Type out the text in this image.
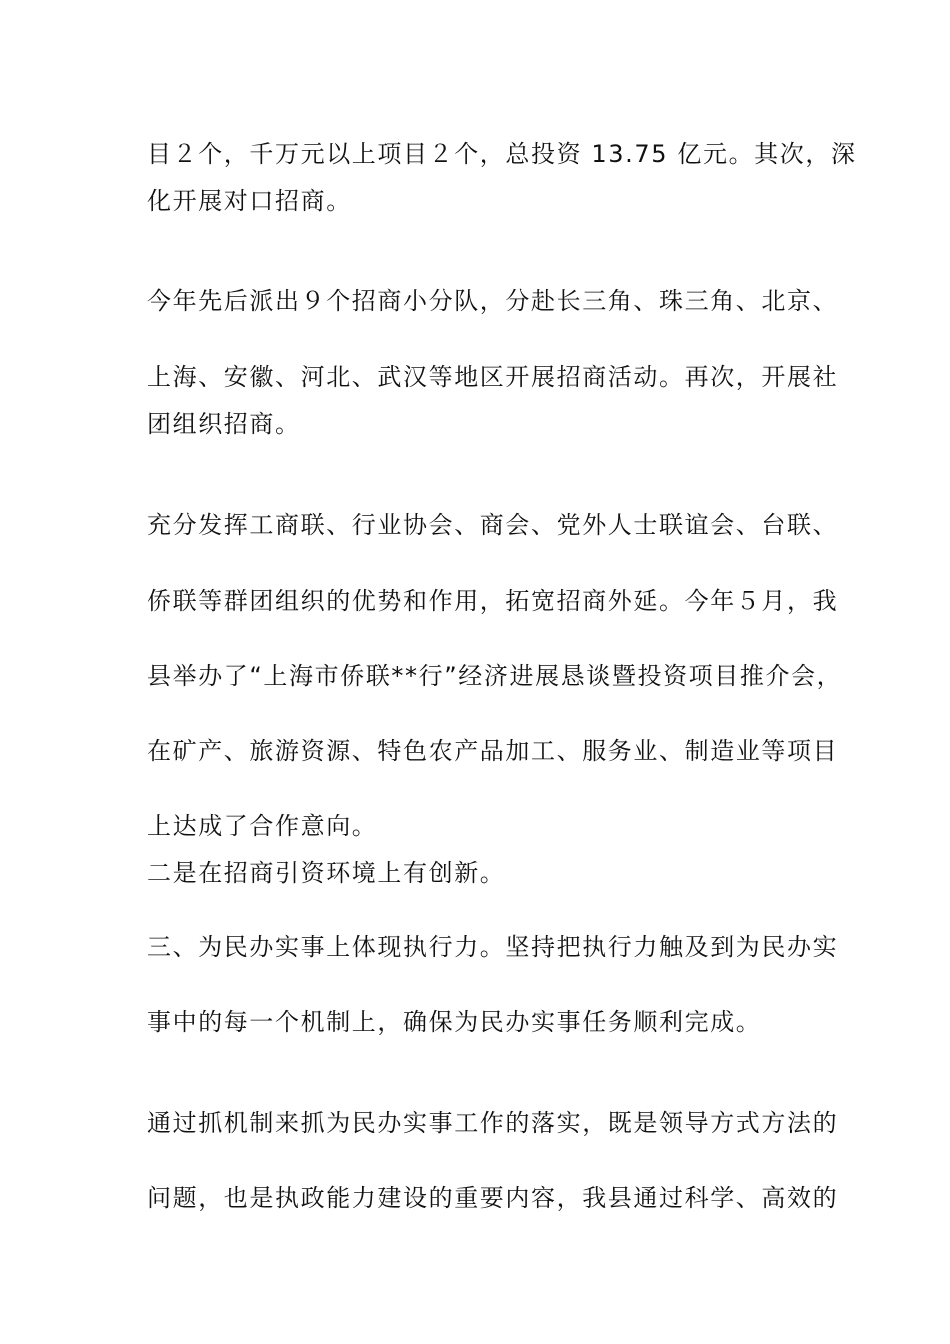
目２个，千万元以上项目２个，总投资 13.75 亿元。其次，深
化开展对口招商。
今年先后派出９个招商小分队，分赴长三角、珠三角、北京、
上海、安徽、河北、武汉等地区开展招商活动。再次，开展社
团组织招商。
充分发挥工商联、行业协会、商会、党外人士联谊会、台联、
侨联等群团组织的优势和作用，拓宽招商外延。今年５月，我
县举办了“上海市侨联**行”经济进展恳谈暨投资项目推介会，
在矿产、旅游资源、特色农产品加工、服务业、制造业等项目
上达成了合作意向。
二是在招商引资环境上有创新。
三、为民办实事上体现执行力。坚持把执行力触及到为民办实
事中的每一个机制上，确保为民办实事任务顺利完成。
通过抓机制来抓为民办实事工作的落实，既是领导方式方法的
问题，也是执政能力建设的重要内容，我县通过科学、高效的
